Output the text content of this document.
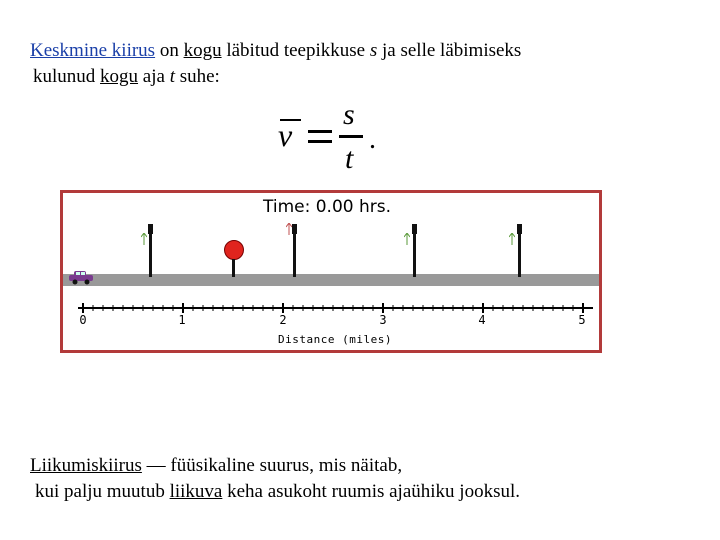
Keskmine kiirus on kogu läbitud teepikkuse s ja selle läbimiseks
kulunud kogu aja t suhe:
v
s
t
.
Time: 0.00 hrs.
0	1	2	3	4	5
Distance (miles)
Liikumiskiirus — füüsikaline suurus, mis näitab,
kui palju muutub liikuva keha asukoht ruumis ajaühiku jooksul.
